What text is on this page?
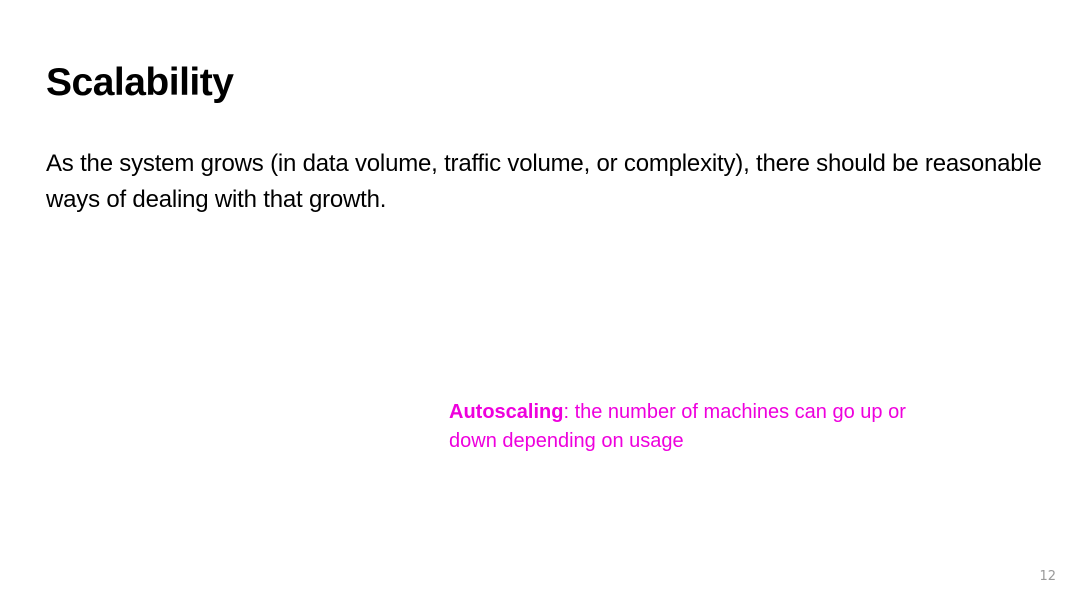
Scalability

As the system grows (in data volume, traffic volume, or complexity), there should be reasonable ways of dealing with that growth.

Autoscaling: the number of machines can go up or down depending on usage

12
